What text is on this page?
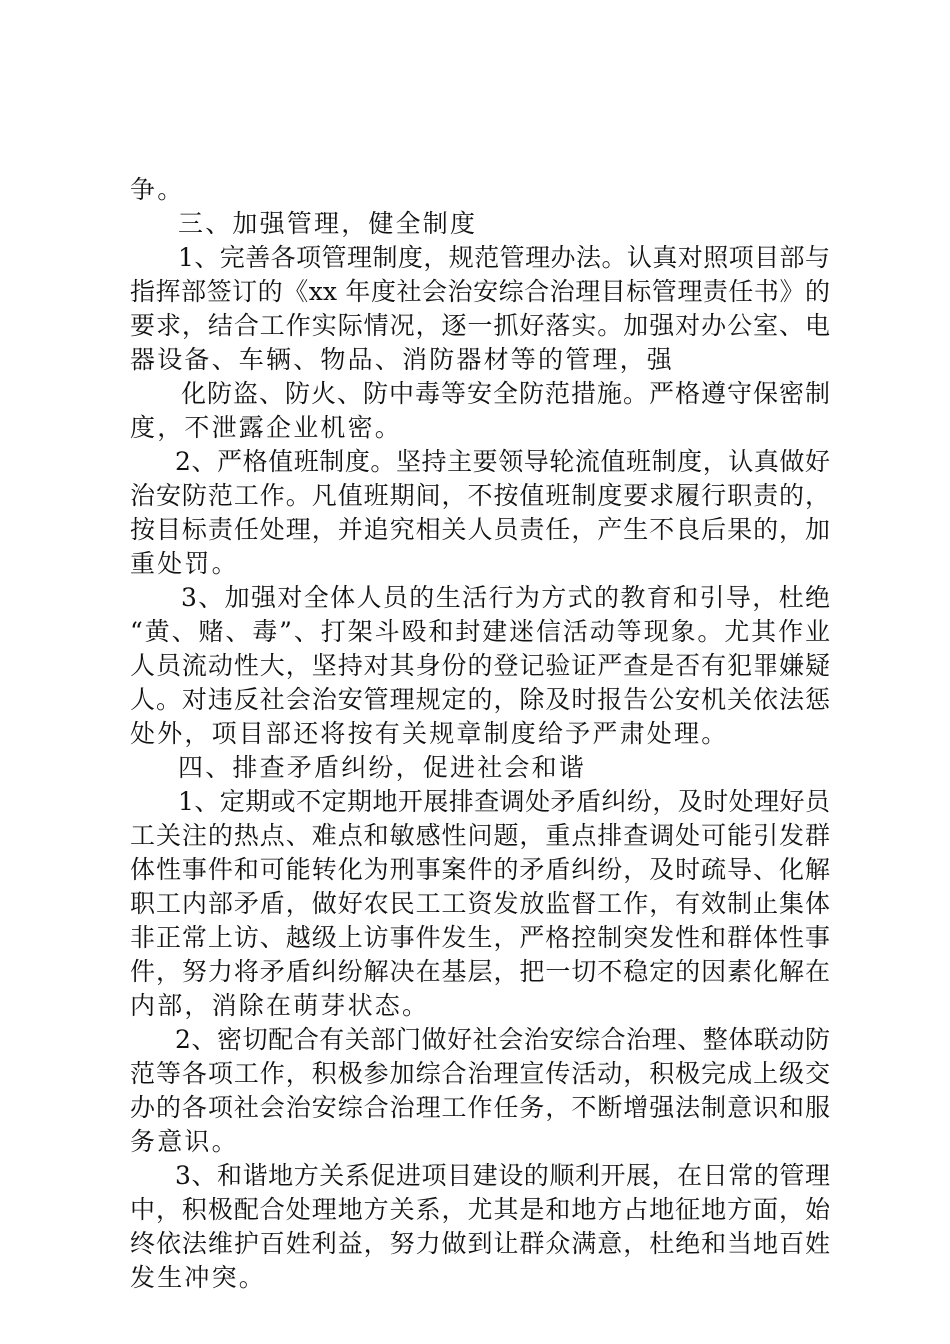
争。

三、加强管理，健全制度

1、完善各项管理制度，规范管理办法。认真对照项目部与

指挥部签订的《xx 年度社会治安综合治理目标管理责任书》的

要求，结合工作实际情况，逐一抓好落实。加强对办公室、电

器设备、车辆、物品、消防器材等的管理，强

化防盗、防火、防中毒等安全防范措施。严格遵守保密制

度，不泄露企业机密。

2、严格值班制度。坚持主要领导轮流值班制度，认真做好

治安防范工作。凡值班期间，不按值班制度要求履行职责的，

按目标责任处理，并追究相关人员责任，产生不良后果的，加

重处罚。

3、加强对全体人员的生活行为方式的教育和引导，杜绝

“黄、赌、毒”、打架斗殴和封建迷信活动等现象。尤其作业

人员流动性大，坚持对其身份的登记验证严查是否有犯罪嫌疑

人。对违反社会治安管理规定的，除及时报告公安机关依法惩

处外，项目部还将按有关规章制度给予严肃处理。

四、排查矛盾纠纷，促进社会和谐

1、定期或不定期地开展排查调处矛盾纠纷，及时处理好员

工关注的热点、难点和敏感性问题，重点排查调处可能引发群

体性事件和可能转化为刑事案件的矛盾纠纷，及时疏导、化解

职工内部矛盾，做好农民工工资发放监督工作，有效制止集体

非正常上访、越级上访事件发生，严格控制突发性和群体性事

件，努力将矛盾纠纷解决在基层，把一切不稳定的因素化解在

内部，消除在萌芽状态。

2、密切配合有关部门做好社会治安综合治理、整体联动防

范等各项工作，积极参加综合治理宣传活动，积极完成上级交

办的各项社会治安综合治理工作任务，不断增强法制意识和服

务意识。

3、和谐地方关系促进项目建设的顺利开展，在日常的管理

中，积极配合处理地方关系，尤其是和地方占地征地方面，始

终依法维护百姓利益，努力做到让群众满意，杜绝和当地百姓

发生冲突。
